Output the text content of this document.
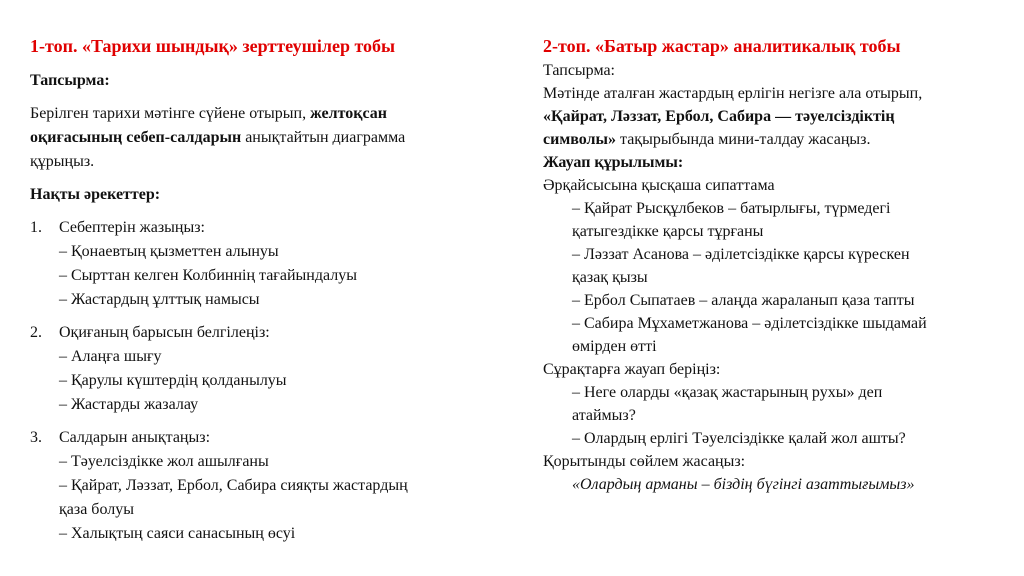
1-топ. «Тарихи шындық» зерттеушілер тобы
Тапсырма:
Берілген тарихи мәтінге сүйене отырып, желтоқсан
оқиғасының себеп-салдарын анықтайтын диаграмма
құрыңыз.
Нақты әрекеттер:
1. Себептерін жазыңыз:
– Қонаевтың қызметтен алынуы
– Сырттан келген Колбиннің тағайындалуы
– Жастардың ұлттық намысы
2. Оқиғаның барысын белгілеңіз:
– Алаңға шығу
– Қарулы күштердің қолданылуы
– Жастарды жазалау
3. Салдарын анықтаңыз:
– Тәуелсіздікке жол ашылғаны
– Қайрат, Ләззат, Ербол, Сабира сияқты жастардың
қаза болуы
– Халықтың саяси санасының өсуі
2-топ. «Батыр жастар» аналитикалық тобы
Тапсырма:
Мәтінде аталған жастардың ерлігін негізге ала отырып,
«Қайрат, Ләззат, Ербол, Сабира — тәуелсіздіктің
символы» тақырыбында мини-талдау жасаңыз.
Жауап құрылымы:
Әрқайсысына қысқаша сипаттама
– Қайрат Рысқұлбеков – батырлығы, түрмедегі
қатыгездікке қарсы тұрғаны
– Ләззат Асанова – әділетсіздікке қарсы күрескен
қазақ қызы
– Ербол Сыпатаев – алаңда жараланып қаза тапты
– Сабира Мұхаметжанова – әділетсіздікке шыдамай
өмірден өтті
Сұрақтарға жауап беріңіз:
– Неге оларды «қазақ жастарының рухы» деп
атаймыз?
– Олардың ерлігі Тәуелсіздікке қалай жол ашты?
Қорытынды сөйлем жасаңыз:
«Олардың арманы – біздің бүгінгі азаттығымыз»
